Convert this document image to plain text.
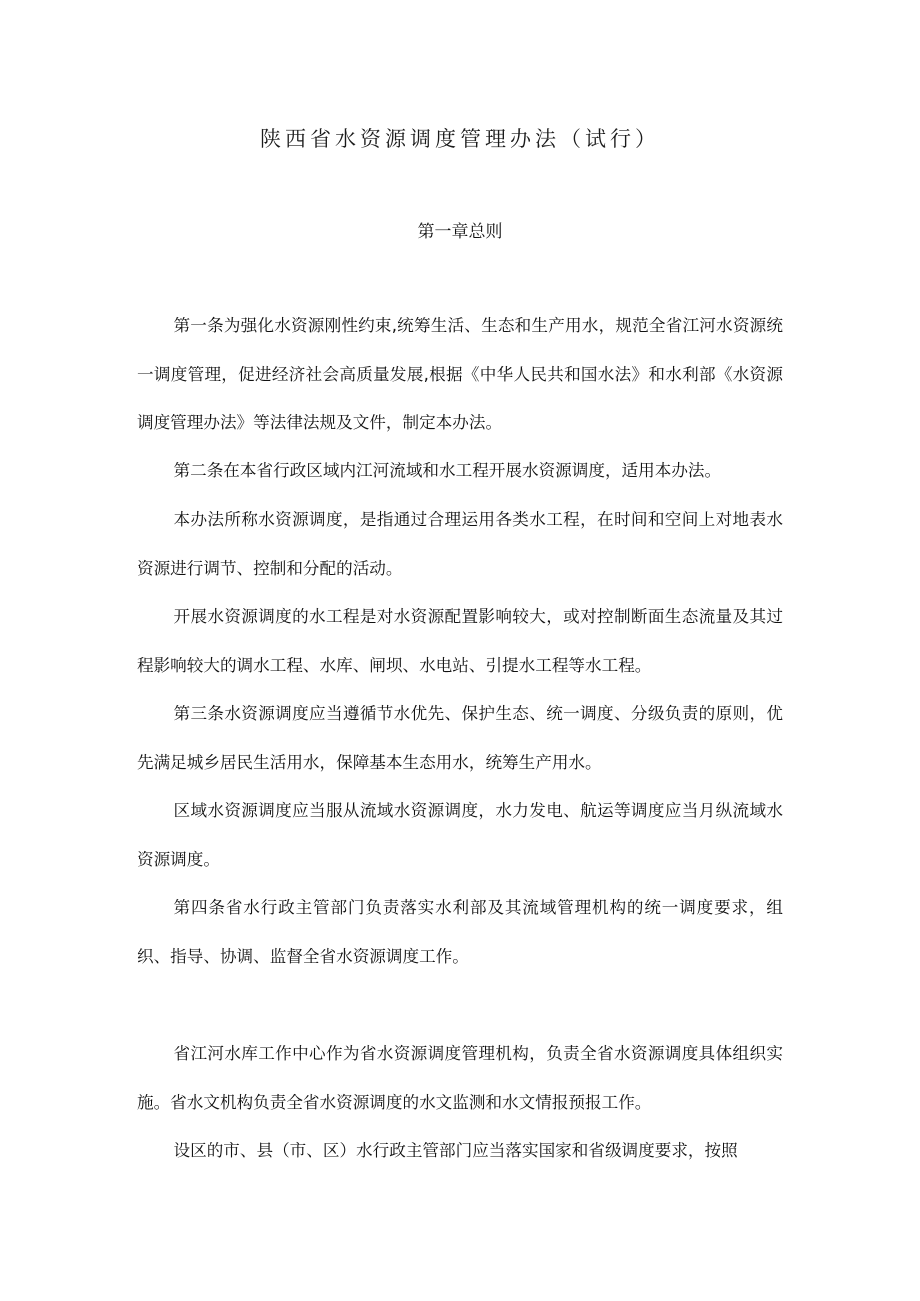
陕西省水资源调度管理办法（试行）
第一章总则

第一条为强化水资源刚性约束,统筹生活、生态和生产用水，规范全省江河水资源统一调度管理，促进经济社会高质量发展,根据《中华人民共和国水法》和水利部《水资源调度管理办法》等法律法规及文件，制定本办法。

第二条在本省行政区域内江河流域和水工程开展水资源调度，适用本办法。

本办法所称水资源调度，是指通过合理运用各类水工程，在时间和空间上对地表水资源进行调节、控制和分配的活动。

开展水资源调度的水工程是对水资源配置影响较大，或对控制断面生态流量及其过程影响较大的调水工程、水库、闸坝、水电站、引提水工程等水工程。

第三条水资源调度应当遵循节水优先、保护生态、统一调度、分级负责的原则，优先满足城乡居民生活用水，保障基本生态用水，统筹生产用水。

区域水资源调度应当服从流域水资源调度，水力发电、航运等调度应当月纵流域水资源调度。

第四条省水行政主管部门负责落实水利部及其流域管理机构的统一调度要求，组织、指导、协调、监督全省水资源调度工作。

省江河水库工作中心作为省水资源调度管理机构，负责全省水资源调度具体组织实施。省水文机构负责全省水资源调度的水文监测和水文情报预报工作。

设区的市、县（市、区）水行政主管部门应当落实国家和省级调度要求，按照
